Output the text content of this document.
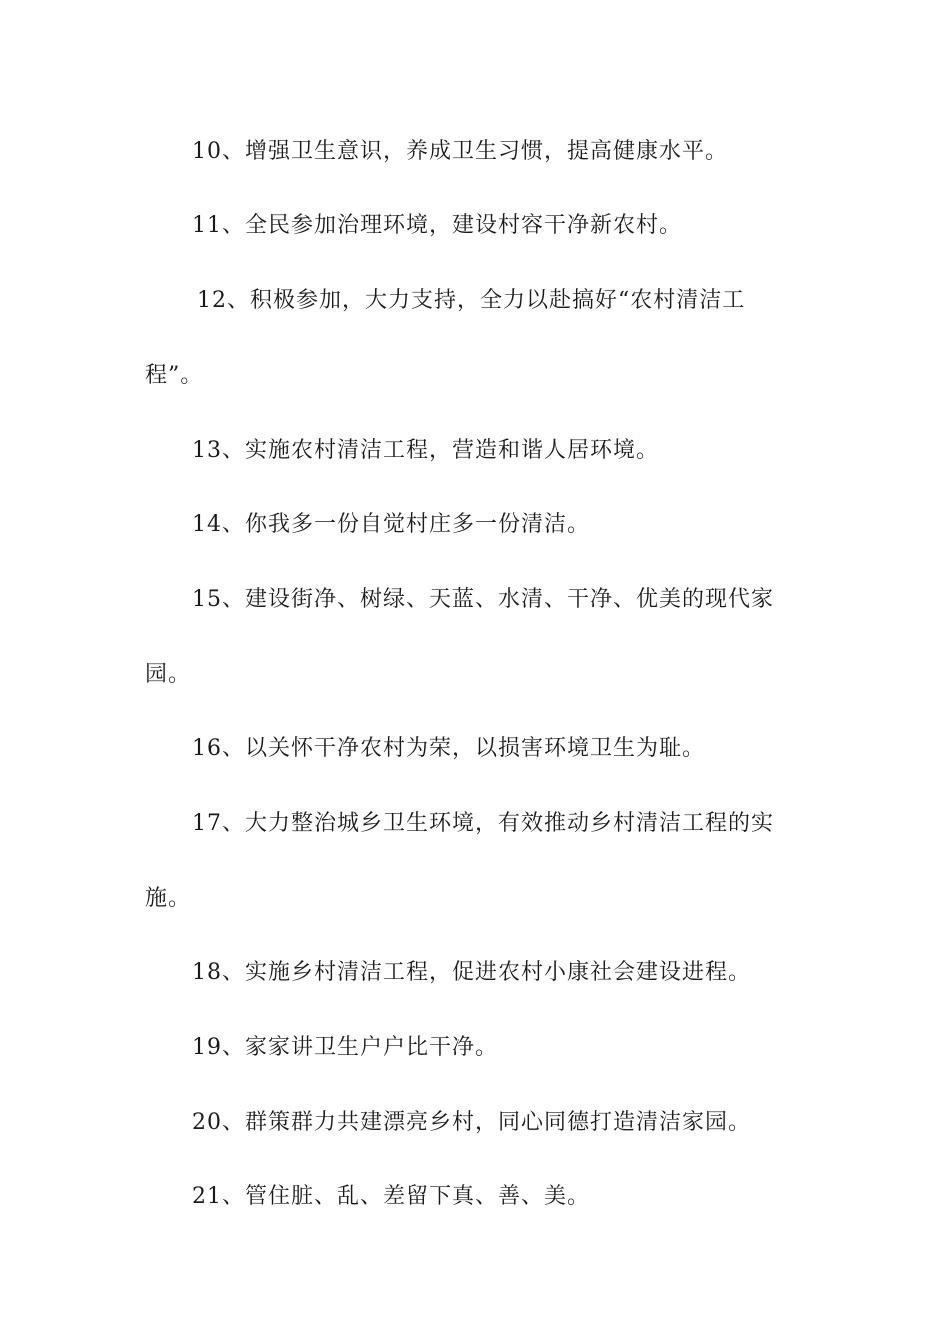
10、增强卫生意识，养成卫生习惯，提高健康水平。
11、全民参加治理环境，建设村容干净新农村。
12、积极参加，大力支持，全力以赴搞好“农村清洁工
程”。
13、实施农村清洁工程，营造和谐人居环境。
14、你我多一份自觉村庄多一份清洁。
15、建设街净、树绿、天蓝、水清、干净、优美的现代家
园。
16、以关怀干净农村为荣，以损害环境卫生为耻。
17、大力整治城乡卫生环境，有效推动乡村清洁工程的实
施。
18、实施乡村清洁工程，促进农村小康社会建设进程。
19、家家讲卫生户户比干净。
20、群策群力共建漂亮乡村，同心同德打造清洁家园。
21、管住脏、乱、差留下真、善、美。
